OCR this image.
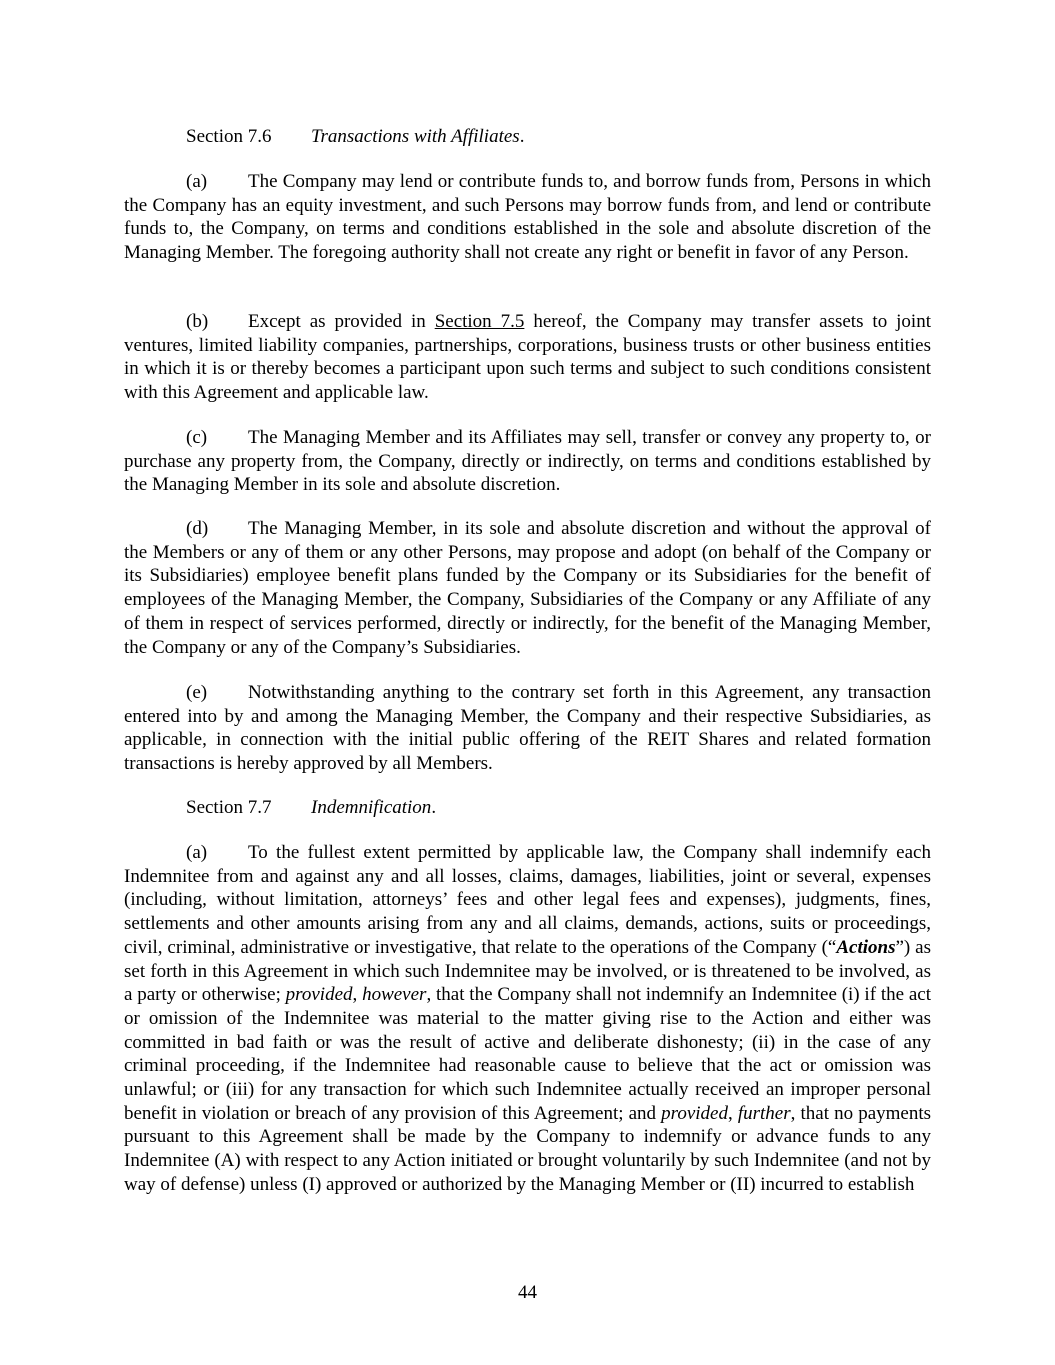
Section 7.6 Transactions with Affiliates.

(a) The Company may lend or contribute funds to, and borrow funds from, Persons in which the Company has an equity investment, and such Persons may borrow funds from, and lend or contribute funds to, the Company, on terms and conditions established in the sole and absolute discretion of the Managing Member. The foregoing authority shall not create any right or benefit in favor of any Person.

(b) Except as provided in Section 7.5 hereof, the Company may transfer assets to joint ventures, limited liability companies, partnerships, corporations, business trusts or other business entities in which it is or thereby becomes a participant upon such terms and subject to such conditions consistent with this Agreement and applicable law.

(c) The Managing Member and its Affiliates may sell, transfer or convey any property to, or purchase any property from, the Company, directly or indirectly, on terms and conditions established by the Managing Member in its sole and absolute discretion.

(d) The Managing Member, in its sole and absolute discretion and without the approval of the Members or any of them or any other Persons, may propose and adopt (on behalf of the Company or its Subsidiaries) employee benefit plans funded by the Company or its Subsidiaries for the benefit of employees of the Managing Member, the Company, Subsidiaries of the Company or any Affiliate of any of them in respect of services performed, directly or indirectly, for the benefit of the Managing Member, the Company or any of the Company’s Subsidiaries.

(e) Notwithstanding anything to the contrary set forth in this Agreement, any transaction entered into by and among the Managing Member, the Company and their respective Subsidiaries, as applicable, in connection with the initial public offering of the REIT Shares and related formation transactions is hereby approved by all Members.

Section 7.7 Indemnification.

(a) To the fullest extent permitted by applicable law, the Company shall indemnify each Indemnitee from and against any and all losses, claims, damages, liabilities, joint or several, expenses (including, without limitation, attorneys’ fees and other legal fees and expenses), judgments, fines, settlements and other amounts arising from any and all claims, demands, actions, suits or proceedings, civil, criminal, administrative or investigative, that relate to the operations of the Company (“Actions”) as set forth in this Agreement in which such Indemnitee may be involved, or is threatened to be involved, as a party or otherwise; provided, however, that the Company shall not indemnify an Indemnitee (i) if the act or omission of the Indemnitee was material to the matter giving rise to the Action and either was committed in bad faith or was the result of active and deliberate dishonesty; (ii) in the case of any criminal proceeding, if the Indemnitee had reasonable cause to believe that the act or omission was unlawful; or (iii) for any transaction for which such Indemnitee actually received an improper personal benefit in violation or breach of any provision of this Agreement; and provided, further, that no payments pursuant to this Agreement shall be made by the Company to indemnify or advance funds to any Indemnitee (A) with respect to any Action initiated or brought voluntarily by such Indemnitee (and not by way of defense) unless (I) approved or authorized by the Managing Member or (II) incurred to establish

44
